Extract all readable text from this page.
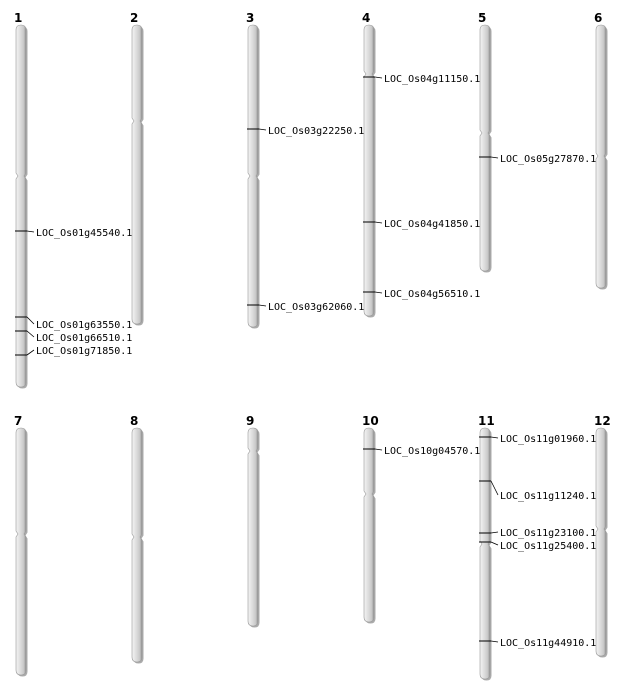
1	2	3	4	5	6
7	8	9	10	11	12
LOC_Os01g45540.1
LOC_Os01g63550.1
LOC_Os01g66510.1
LOC_Os01g71850.1
LOC_Os03g22250.1
LOC_Os03g62060.1
LOC_Os04g11150.1
LOC_Os04g41850.1
LOC_Os04g56510.1
LOC_Os05g27870.1
LOC_Os10g04570.1
LOC_Os11g01960.1
LOC_Os11g11240.1
LOC_Os11g23100.1
LOC_Os11g25400.1
LOC_Os11g44910.1
